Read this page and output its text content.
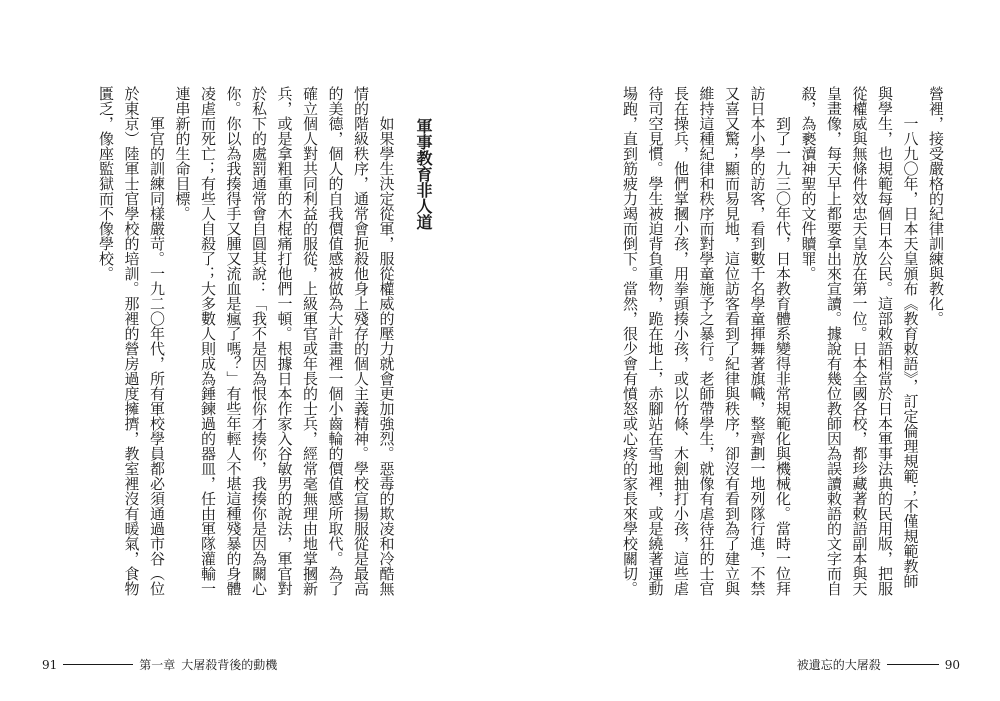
營裡，接受嚴格的紀律訓練與教化。

一八九〇年，日本天皇頒布《教育敕語》，訂定倫理規範；不僅規範教師與學生，也規範每個日本公民。這部敕語相當於日本軍事法典的民用版，把服從權威與無條件效忠天皇放在第一位。日本全國各校，都珍藏著敕語副本與天皇畫像，每天早上都要拿出來宣讀。據說有幾位教師因為誤讀敕語的文字而自殺，為褻瀆神聖的文件贖罪。

到了一九三〇年代，日本教育體系變得非常規範化與機械化。當時一位拜訪日本小學的訪客，看到數千名學童揮舞著旗幟，整齊劃一地列隊行進，不禁又喜又驚；顯而易見地，這位訪客看到了紀律與秩序，卻沒有看到為了建立與維持這種紀律和秩序而對學童施予之暴行。老師帶學生，就像有虐待狂的士官長在操兵，他們掌摑小孩，用拳頭揍小孩，或以竹條、木劍抽打小孩，這些虐待司空見慣。學生被迫背負重物，跪在地上，赤腳站在雪地裡，或是繞著運動場跑，直到筋疲力竭而倒下。當然，很少會有憤怒或心疼的家長來學校關切。

被遺忘的大屠殺	90
軍事教育非人道

如果學生決定從軍，服從權威的壓力就會更加強烈。惡毒的欺凌和冷酷無情的階級秩序，通常會扼殺他身上殘存的個人主義精神。學校宣揚服從是最高的美德，個人的自我價值感被做為大計畫裡一個小齒輪的價值感所取代。為了確立個人對共同利益的服從，上級軍官或年長的士兵，經常毫無理由地掌摑新兵，或是拿粗重的木棍痛打他們一頓。根據日本作家入谷敏男的說法，軍官對於私下的處罰通常會自圓其說：「我不是因為恨你才揍你，我揍你是因為關心你。你以為我揍得手又腫又流血是瘋了嗎？」有些年輕人不堪這種殘暴的身體凌虐而死亡；有些人自殺了；大多數人則成為錘鍊過的器皿，任由軍隊灌輸一連串新的生命目標。

軍官的訓練同樣嚴苛。一九二〇年代，所有軍校學員都必須通過市谷（位於東京）陸軍士官學校的培訓。那裡的營房過度擁擠，教室裡沒有暖氣，食物匱乏，像座監獄而不像學校。

91	第一章 大屠殺背後的動機
